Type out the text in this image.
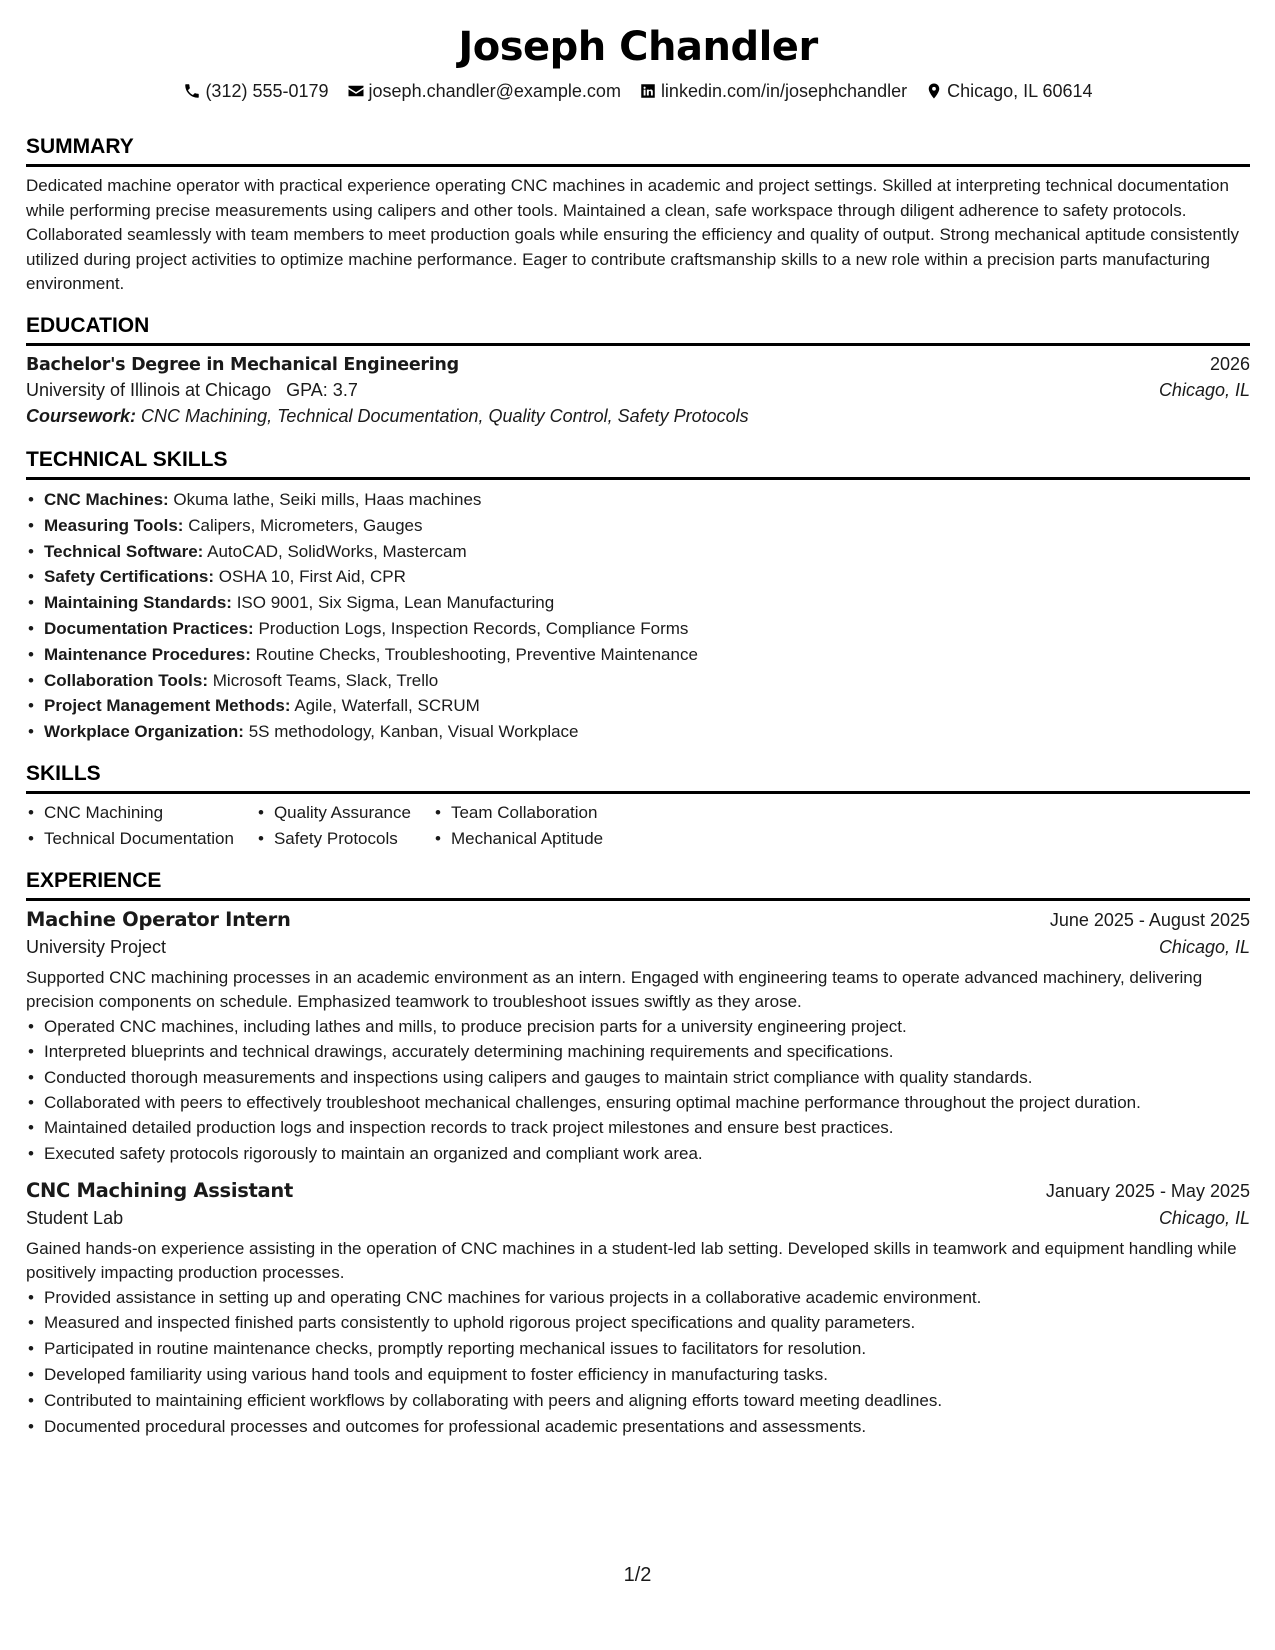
Joseph Chandler
(312) 555-0179 joseph.chandler@example.com linkedin.com/in/josephchandler Chicago, IL 60614
SUMMARY
Dedicated machine operator with practical experience operating CNC machines in academic and project settings. Skilled at interpreting technical documentation while performing precise measurements using calipers and other tools. Maintained a clean, safe workspace through diligent adherence to safety protocols. Collaborated seamlessly with team members to meet production goals while ensuring the efficiency and quality of output. Strong mechanical aptitude consistently utilized during project activities to optimize machine performance. Eager to contribute craftsmanship skills to a new role within a precision parts manufacturing environment.
EDUCATION
Bachelor's Degree in Mechanical Engineering	2026
University of Illinois at Chicago GPA: 3.7	Chicago, IL
Coursework: CNC Machining, Technical Documentation, Quality Control, Safety Protocols
TECHNICAL SKILLS
• CNC Machines: Okuma lathe, Seiki mills, Haas machines
• Measuring Tools: Calipers, Micrometers, Gauges
• Technical Software: AutoCAD, SolidWorks, Mastercam
• Safety Certifications: OSHA 10, First Aid, CPR
• Maintaining Standards: ISO 9001, Six Sigma, Lean Manufacturing
• Documentation Practices: Production Logs, Inspection Records, Compliance Forms
• Maintenance Procedures: Routine Checks, Troubleshooting, Preventive Maintenance
• Collaboration Tools: Microsoft Teams, Slack, Trello
• Project Management Methods: Agile, Waterfall, SCRUM
• Workplace Organization: 5S methodology, Kanban, Visual Workplace
SKILLS
• CNC Machining
• Technical Documentation
• Quality Assurance
• Safety Protocols
• Team Collaboration
• Mechanical Aptitude
EXPERIENCE
Machine Operator Intern	June 2025 - August 2025
University Project	Chicago, IL
Supported CNC machining processes in an academic environment as an intern. Engaged with engineering teams to operate advanced machinery, delivering precision components on schedule. Emphasized teamwork to troubleshoot issues swiftly as they arose.
• Operated CNC machines, including lathes and mills, to produce precision parts for a university engineering project.
• Interpreted blueprints and technical drawings, accurately determining machining requirements and specifications.
• Conducted thorough measurements and inspections using calipers and gauges to maintain strict compliance with quality standards.
• Collaborated with peers to effectively troubleshoot mechanical challenges, ensuring optimal machine performance throughout the project duration.
• Maintained detailed production logs and inspection records to track project milestones and ensure best practices.
• Executed safety protocols rigorously to maintain an organized and compliant work area.
CNC Machining Assistant	January 2025 - May 2025
Student Lab	Chicago, IL
Gained hands-on experience assisting in the operation of CNC machines in a student-led lab setting. Developed skills in teamwork and equipment handling while positively impacting production processes.
• Provided assistance in setting up and operating CNC machines for various projects in a collaborative academic environment.
• Measured and inspected finished parts consistently to uphold rigorous project specifications and quality parameters.
• Participated in routine maintenance checks, promptly reporting mechanical issues to facilitators for resolution.
• Developed familiarity using various hand tools and equipment to foster efficiency in manufacturing tasks.
• Contributed to maintaining efficient workflows by collaborating with peers and aligning efforts toward meeting deadlines.
• Documented procedural processes and outcomes for professional academic presentations and assessments.
1/2
